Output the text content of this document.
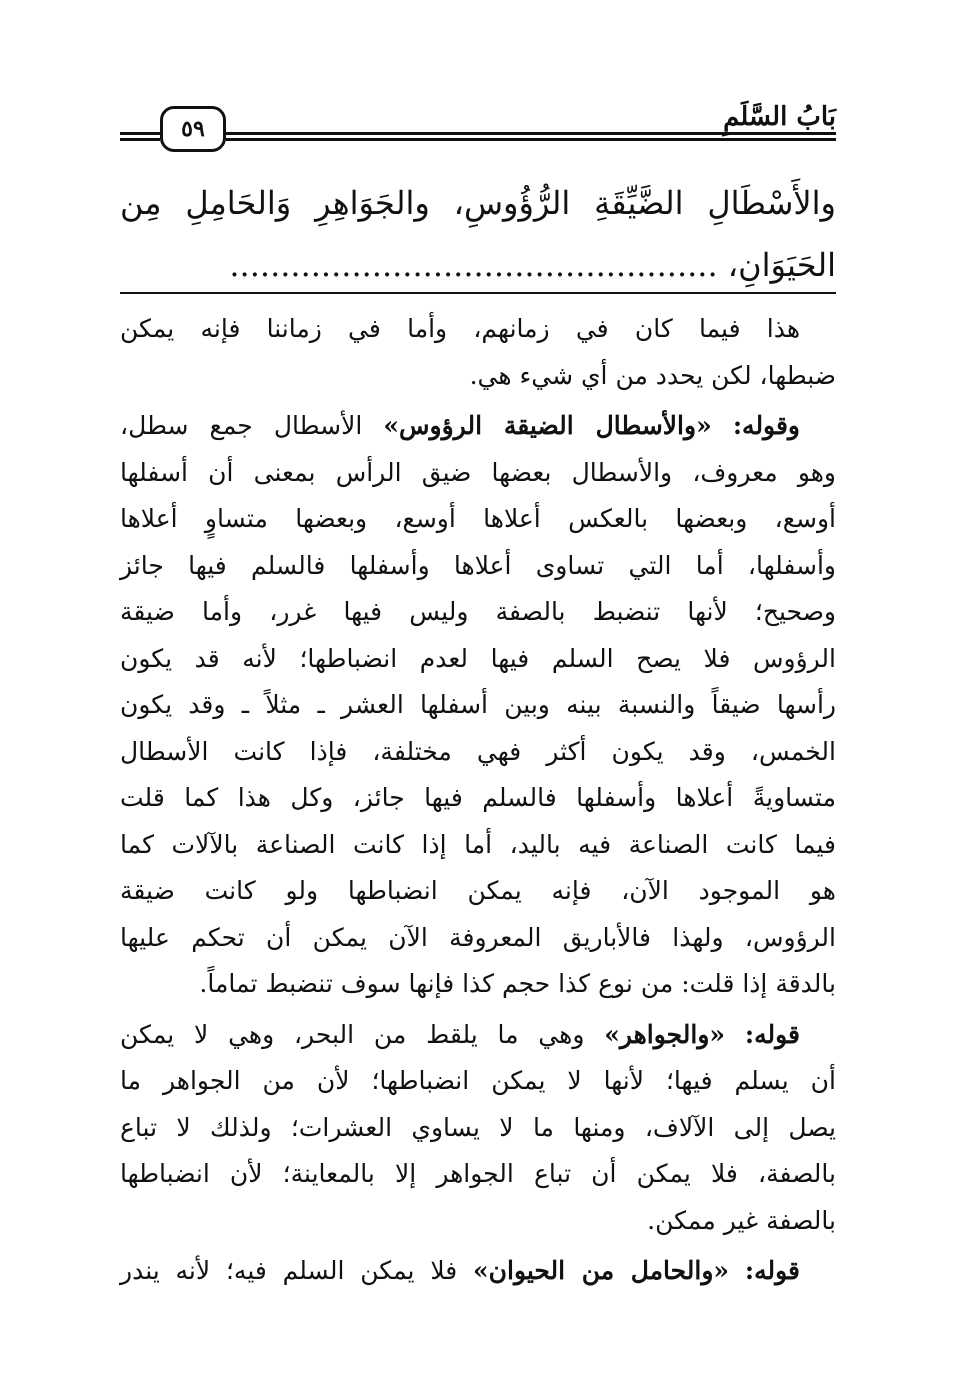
بَابُ السَّلَمِ
٥٩
والأَسْطَالِ الضَّيِّقَةِ الرُّؤُوسِ، والجَوَاهِرِ وَالحَامِلِ مِن
الحَيَوَانِ، ................................................
هذا فيما كان في زمانهم، وأما في زماننا فإنه يمكن
ضبطها، لكن يحدد من أي شيء هي.
وقوله: «والأسطال الضيقة الرؤوس» الأسطال جمع سطل،
وهو معروف، والأسطال بعضها ضيق الرأس بمعنى أن أسفلها
أوسع، وبعضها بالعكس أعلاها أوسع، وبعضها متساوٍ أعلاها
وأسفلها، أما التي تساوى أعلاها وأسفلها فالسلم فيها جائز
وصحيح؛ لأنها تنضبط بالصفة وليس فيها غرر، وأما ضيقة
الرؤوس فلا يصح السلم فيها لعدم انضباطها؛ لأنه قد يكون
رأسها ضيقاً والنسبة بينه وبين أسفلها العشر ـ مثلاً ـ وقد يكون
الخمس، وقد يكون أكثر فهي مختلفة، فإذا كانت الأسطال
متساويةً أعلاها وأسفلها فالسلم فيها جائز، وكل هذا كما قلت
فيما كانت الصناعة فيه باليد، أما إذا كانت الصناعة بالآلات كما
هو الموجود الآن، فإنه يمكن انضباطها ولو كانت ضيقة
الرؤوس، ولهذا فالأباريق المعروفة الآن يمكن أن تحكم عليها
بالدقة إذا قلت: من نوع كذا حجم كذا فإنها سوف تنضبط تماماً.
قوله: «والجواهر» وهي ما يلقط من البحر، وهي لا يمكن
أن يسلم فيها؛ لأنها لا يمكن انضباطها؛ لأن من الجواهر ما
يصل إلى الآلاف، ومنها ما لا يساوي العشرات؛ ولذلك لا تباع
بالصفة، فلا يمكن أن تباع الجواهر إلا بالمعاينة؛ لأن انضباطها
بالصفة غير ممكن.
قوله: «والحامل من الحيوان» فلا يمكن السلم فيه؛ لأنه يندر
